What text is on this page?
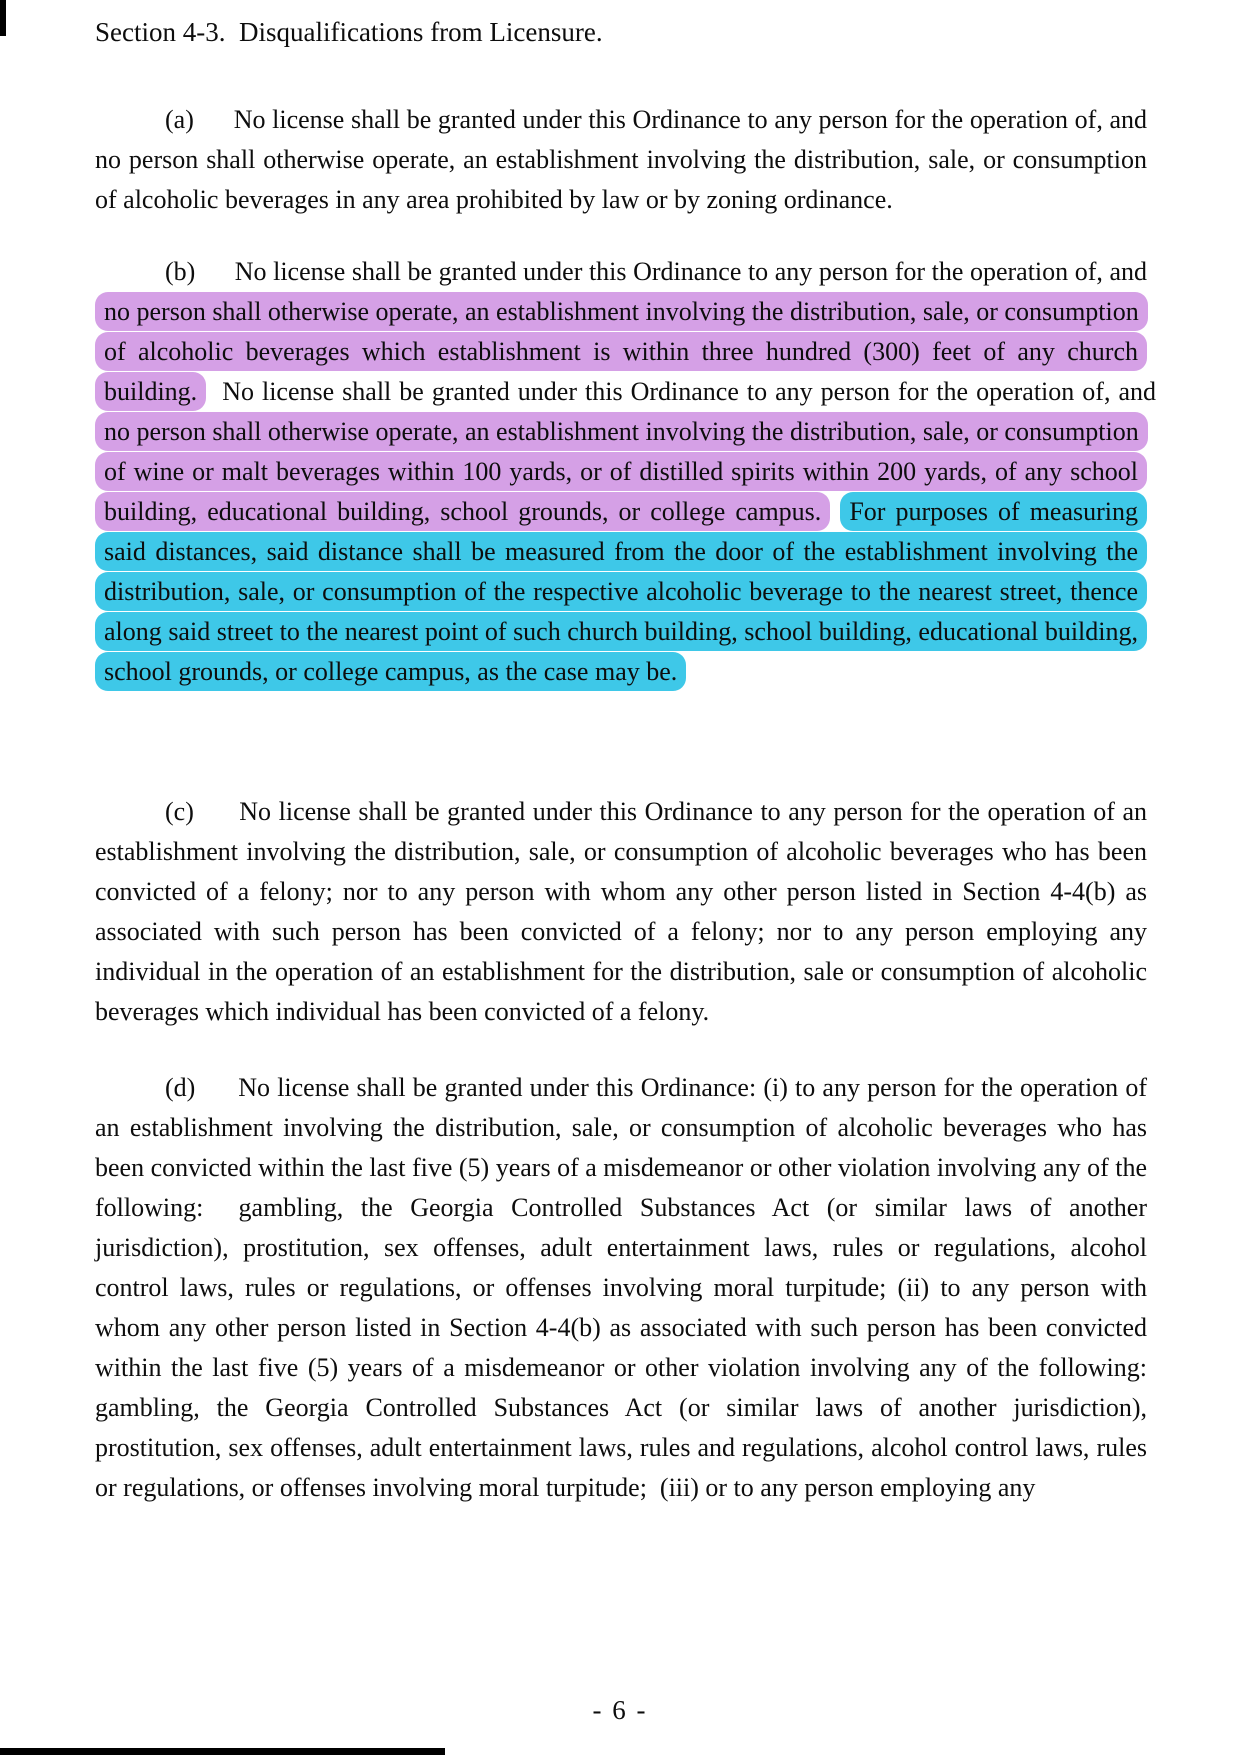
Section 4-3.  Disqualifications from Licensure.

(a)      No license shall be granted under this Ordinance to any person for the operation of, and no person shall otherwise operate, an establishment involving the distribution, sale, or consumption of alcoholic beverages in any area prohibited by law or by zoning ordinance.

(b)      No license shall be granted under this Ordinance to any person for the operation of, and no person shall otherwise operate, an establishment involving the distribution, sale, or consumption of alcoholic beverages which establishment is within three hundred (300) feet of any church building.  No license shall be granted under this Ordinance to any person for the operation of, and no person shall otherwise operate, an establishment involving the distribution, sale, or consumption of wine or malt beverages within 100 yards, or of distilled spirits within 200 yards, of any school building, educational building, school grounds, or college campus. For purposes of measuring said distances, said distance shall be measured from the door of the establishment involving the distribution, sale, or consumption of the respective alcoholic beverage to the nearest street, thence along said street to the nearest point of such church building, school building, educational building, school grounds, or college campus, as the case may be.

(c)      No license shall be granted under this Ordinance to any person for the operation of an establishment involving the distribution, sale, or consumption of alcoholic beverages who has been convicted of a felony; nor to any person with whom any other person listed in Section 4-4(b) as associated with such person has been convicted of a felony; nor to any person employing any individual in the operation of an establishment for the distribution, sale or consumption of alcoholic beverages which individual has been convicted of a felony.

(d)      No license shall be granted under this Ordinance: (i) to any person for the operation of an establishment involving the distribution, sale, or consumption of alcoholic beverages who has been convicted within the last five (5) years of a misdemeanor or other violation involving any of the following:  gambling, the Georgia Controlled Substances Act (or similar laws of another jurisdiction), prostitution, sex offenses, adult entertainment laws, rules or regulations, alcohol control laws, rules or regulations, or offenses involving moral turpitude; (ii) to any person with whom any other person listed in Section 4-4(b) as associated with such person has been convicted within the last five (5) years of a misdemeanor or other violation involving any of the following: gambling, the Georgia Controlled Substances Act (or similar laws of another jurisdiction), prostitution, sex offenses, adult entertainment laws, rules and regulations, alcohol control laws, rules or regulations, or offenses involving moral turpitude;  (iii) or to any person employing any

- 6 -
